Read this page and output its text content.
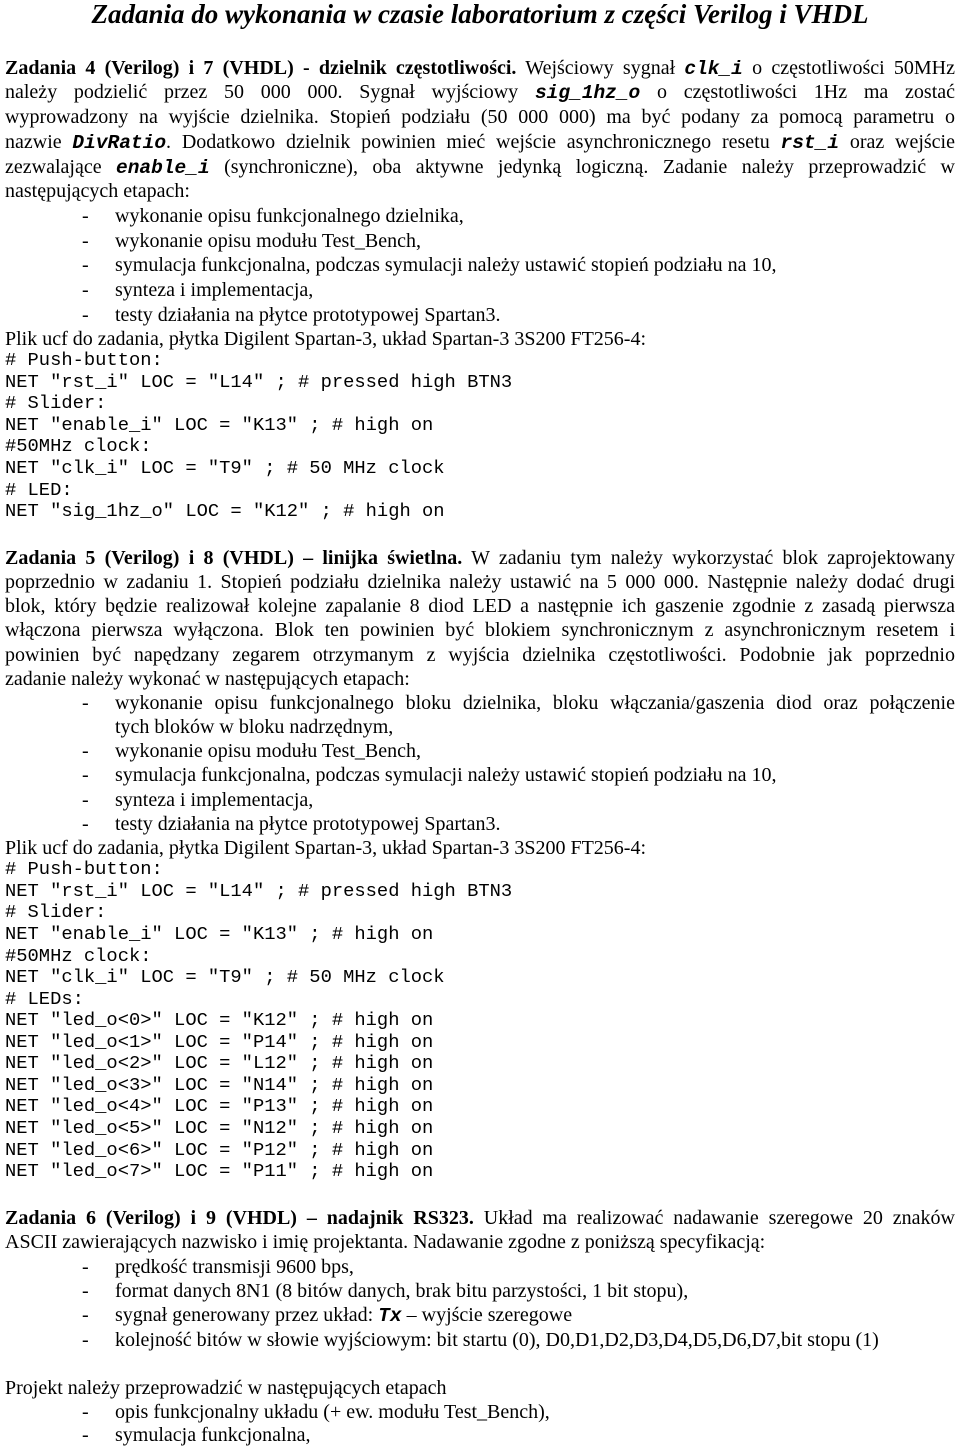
Zadania do wykonania w czasie laboratorium z części Verilog i VHDL
Zadania 4 (Verilog) i 7 (VHDL) - dzielnik częstotliwości. Wejściowy sygnał clk_i o częstotliwości 50MHz
należy podzielić przez 50 000 000. Sygnał wyjściowy sig_1hz_o o częstotliwości 1Hz ma zostać
wyprowadzony na wyjście dzielnika. Stopień podziału (50 000 000) ma być podany za pomocą parametru o
nazwie DivRatio. Dodatkowo dzielnik powinien mieć wejście asynchronicznego resetu rst_i oraz wejście
zezwalające enable_i (synchroniczne), oba aktywne jedynką logiczną. Zadanie należy przeprowadzić w
następujących etapach:
- wykonanie opisu funkcjonalnego dzielnika,
- wykonanie opisu modułu Test_Bench,
- symulacja funkcjonalna, podczas symulacji należy ustawić stopień podziału na 10,
- synteza i implementacja,
- testy działania na płytce prototypowej Spartan3.
Plik ucf do zadania, płytka Digilent Spartan-3, układ Spartan-3 3S200 FT256-4:
# Push-button:
NET "rst_i" LOC = "L14" ; # pressed high BTN3
# Slider:
NET "enable_i" LOC = "K13" ; # high on
#50MHz clock:
NET "clk_i" LOC = "T9" ; # 50 MHz clock
# LED:
NET "sig_1hz_o" LOC = "K12" ; # high on
Zadania 5 (Verilog) i 8 (VHDL) – linijka świetlna. W zadaniu tym należy wykorzystać blok zaprojektowany
poprzednio w zadaniu 1. Stopień podziału dzielnika należy ustawić na 5 000 000. Następnie należy dodać drugi
blok, który będzie realizował kolejne zapalanie 8 diod LED a następnie ich gaszenie zgodnie z zasadą pierwsza
włączona pierwsza wyłączona. Blok ten powinien być blokiem synchronicznym z asynchronicznym resetem i
powinien być napędzany zegarem otrzymanym z wyjścia dzielnika częstotliwości. Podobnie jak poprzednio
zadanie należy wykonać w następujących etapach:
- wykonanie opisu funkcjonalnego bloku dzielnika, bloku włączania/gaszenia diod oraz połączenie
tych bloków w bloku nadrzędnym,
- wykonanie opisu modułu Test_Bench,
- symulacja funkcjonalna, podczas symulacji należy ustawić stopień podziału na 10,
- synteza i implementacja,
- testy działania na płytce prototypowej Spartan3.
Plik ucf do zadania, płytka Digilent Spartan-3, układ Spartan-3 3S200 FT256-4:
# Push-button:
NET "rst_i" LOC = "L14" ; # pressed high BTN3
# Slider:
NET "enable_i" LOC = "K13" ; # high on
#50MHz clock:
NET "clk_i" LOC = "T9" ; # 50 MHz clock
# LEDs:
NET "led_o<0>" LOC = "K12" ; # high on
NET "led_o<1>" LOC = "P14" ; # high on
NET "led_o<2>" LOC = "L12" ; # high on
NET "led_o<3>" LOC = "N14" ; # high on
NET "led_o<4>" LOC = "P13" ; # high on
NET "led_o<5>" LOC = "N12" ; # high on
NET "led_o<6>" LOC = "P12" ; # high on
NET "led_o<7>" LOC = "P11" ; # high on
Zadania 6 (Verilog) i 9 (VHDL) – nadajnik RS323. Układ ma realizować nadawanie szeregowe 20 znaków
ASCII zawierających nazwisko i imię projektanta. Nadawanie zgodne z poniższą specyfikacją:
- prędkość transmisji 9600 bps,
- format danych 8N1 (8 bitów danych, brak bitu parzystości, 1 bit stopu),
- sygnał generowany przez układ: Tx – wyjście szeregowe
- kolejność bitów w słowie wyjściowym: bit startu (0), D0,D1,D2,D3,D4,D5,D6,D7,bit stopu (1)
Projekt należy przeprowadzić w następujących etapach
- opis funkcjonalny układu (+ ew. modułu Test_Bench),
- symulacja funkcjonalna,
